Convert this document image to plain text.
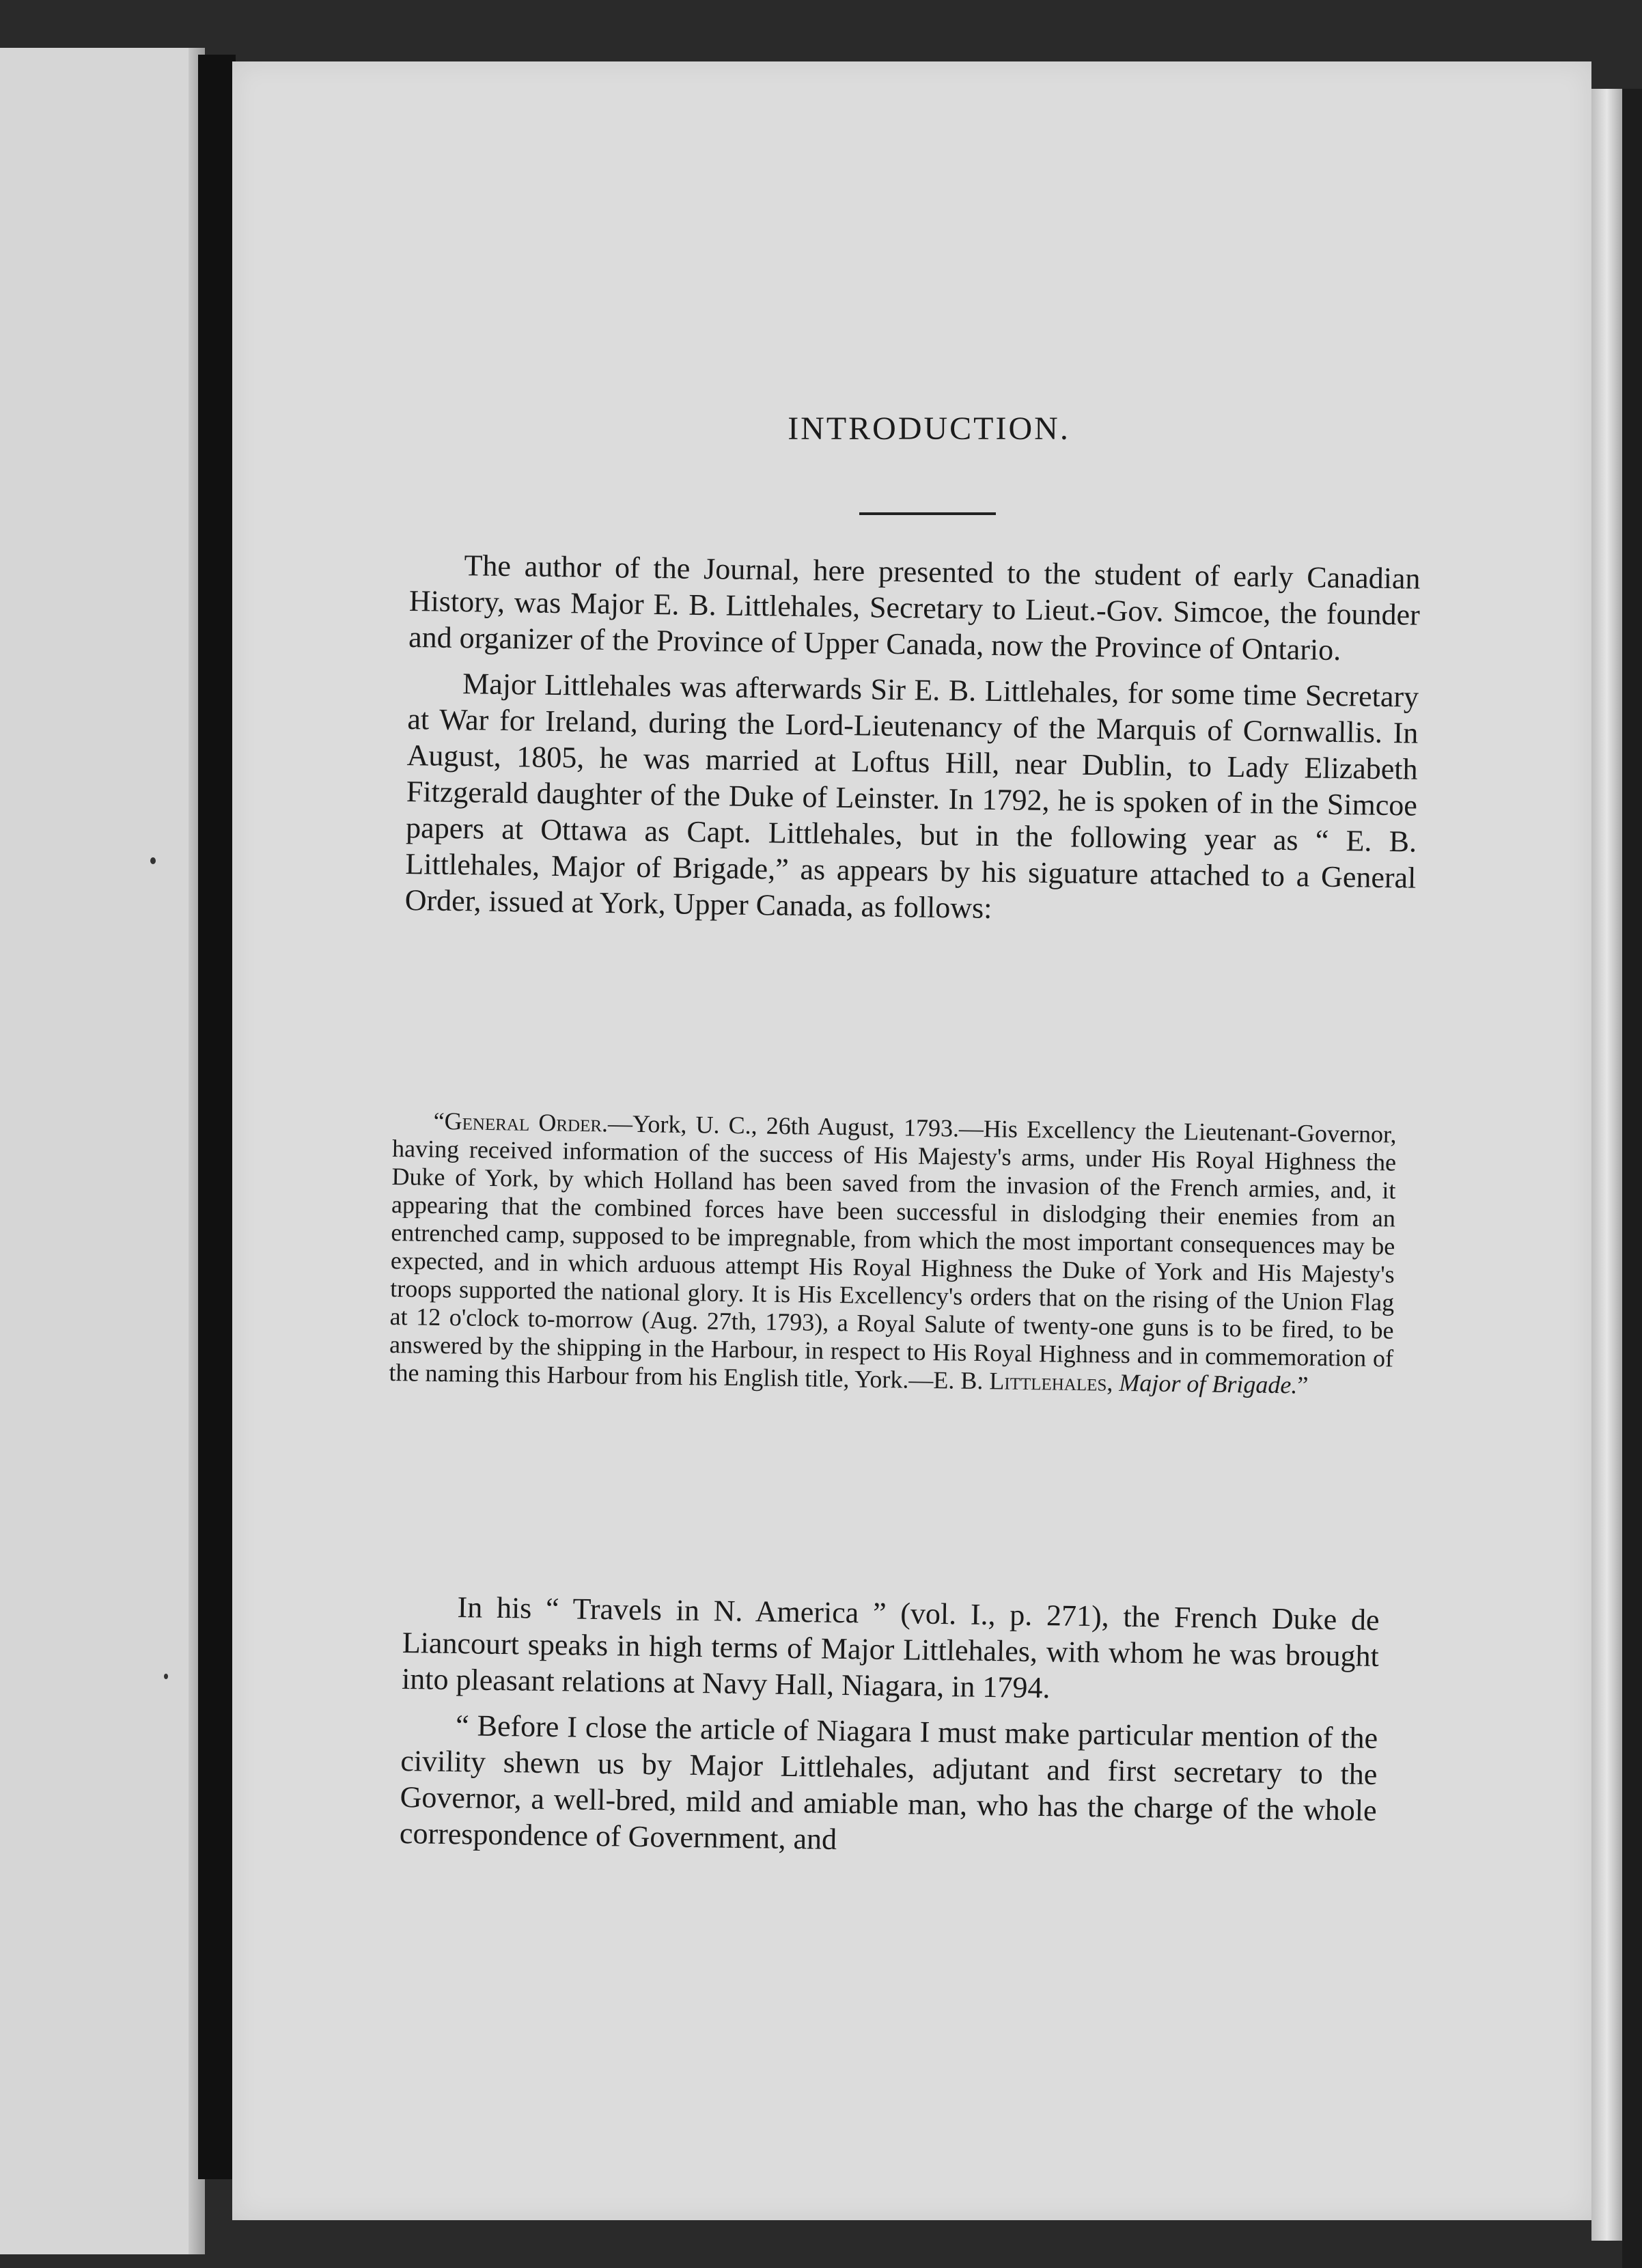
INTRODUCTION.

The author of the Journal, here presented to the student of early Canadian History, was Major E. B. Littlehales, Secretary to Lieut.-Gov. Simcoe, the founder and organizer of the Province of Upper Canada, now the Province of Ontario.

Major Littlehales was afterwards Sir E. B. Littlehales, for some time Secretary at War for Ireland, during the Lord-Lieutenancy of the Marquis of Cornwallis. In August, 1805, he was married at Loftus Hill, near Dublin, to Lady Elizabeth Fitzgerald daughter of the Duke of Leinster. In 1792, he is spoken of in the Simcoe papers at Ottawa as Capt. Littlehales, but in the following year as “ E. B. Littlehales, Major of Brigade,” as appears by his siguature attached to a General Order, issued at York, Upper Canada, as follows:

“General Order.—York, U. C., 26th August, 1793.—His Excellency the Lieutenant-Governor, having received information of the success of His Majesty's arms, under His Royal Highness the Duke of York, by which Holland has been saved from the invasion of the French armies, and, it appearing that the combined forces have been successful in dislodging their enemies from an entrenched camp, supposed to be impregnable, from which the most important consequences may be expected, and in which arduous attempt His Royal Highness the Duke of York and His Majesty's troops supported the national glory. It is His Excellency's orders that on the rising of the Union Flag at 12 o'clock to-morrow (Aug. 27th, 1793), a Royal Salute of twenty-one guns is to be fired, to be answered by the shipping in the Harbour, in respect to His Royal Highness and in commemoration of the naming this Harbour from his English title, York.—E. B. Littlehales, Major of Brigade.”

In his “ Travels in N. America ” (vol. I., p. 271), the French Duke de Liancourt speaks in high terms of Major Littlehales, with whom he was brought into pleasant relations at Navy Hall, Niagara, in 1794.

“ Before I close the article of Niagara I must make particular mention of the civility shewn us by Major Littlehales, adjutant and first secretary to the Governor, a well-bred, mild and amiable man, who has the charge of the whole correspondence of Government, and
